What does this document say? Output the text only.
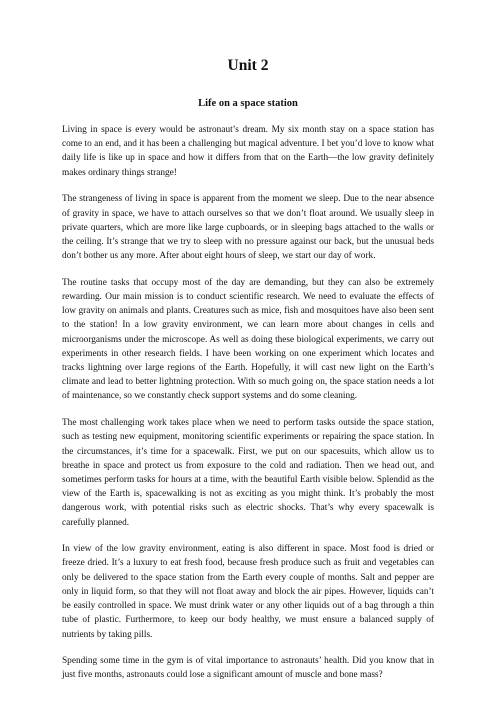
Unit 2
Life on a space station

Living in space is every would be astronaut’s dream. My six month stay on a space station has come to an end, and it has been a challenging but magical adventure. I bet you’d love to know what daily life is like up in space and how it differs from that on the Earth—the low gravity definitely makes ordinary things strange!

The strangeness of living in space is apparent from the moment we sleep. Due to the near absence of gravity in space, we have to attach ourselves so that we don’t float around. We usually sleep in private quarters, which are more like large cupboards, or in sleeping bags attached to the walls or the ceiling. It’s strange that we try to sleep with no pressure against our back, but the unusual beds don’t bother us any more. After about eight hours of sleep, we start our day of work.

The routine tasks that occupy most of the day are demanding, but they can also be extremely rewarding. Our main mission is to conduct scientific research. We need to evaluate the effects of low gravity on animals and plants. Creatures such as mice, fish and mosquitoes have also been sent to the station! In a low gravity environment, we can learn more about changes in cells and microorganisms under the microscope. As well as doing these biological experiments, we carry out experiments in other research fields. I have been working on one experiment which locates and tracks lightning over large regions of the Earth. Hopefully, it will cast new light on the Earth’s climate and lead to better lightning protection. With so much going on, the space station needs a lot of maintenance, so we constantly check support systems and do some cleaning.

The most challenging work takes place when we need to perform tasks outside the space station, such as testing new equipment, monitoring scientific experiments or repairing the space station. In the circumstances, it’s time for a spacewalk. First, we put on our spacesuits, which allow us to breathe in space and protect us from exposure to the cold and radiation. Then we head out, and sometimes perform tasks for hours at a time, with the beautiful Earth visible below. Splendid as the view of the Earth is, spacewalking is not as exciting as you might think. It’s probably the most dangerous work, with potential risks such as electric shocks. That’s why every spacewalk is carefully planned.

In view of the low gravity environment, eating is also different in space. Most food is dried or freeze dried. It’s a luxury to eat fresh food, because fresh produce such as fruit and vegetables can only be delivered to the space station from the Earth every couple of months. Salt and pepper are only in liquid form, so that they will not float away and block the air pipes. However, liquids can’t be easily controlled in space. We must drink water or any other liquids out of a bag through a thin tube of plastic. Furthermore, to keep our body healthy, we must ensure a balanced supply of nutrients by taking pills.

Spending some time in the gym is of vital importance to astronauts’ health. Did you know that in just five months, astronauts could lose a significant amount of muscle and bone mass?
